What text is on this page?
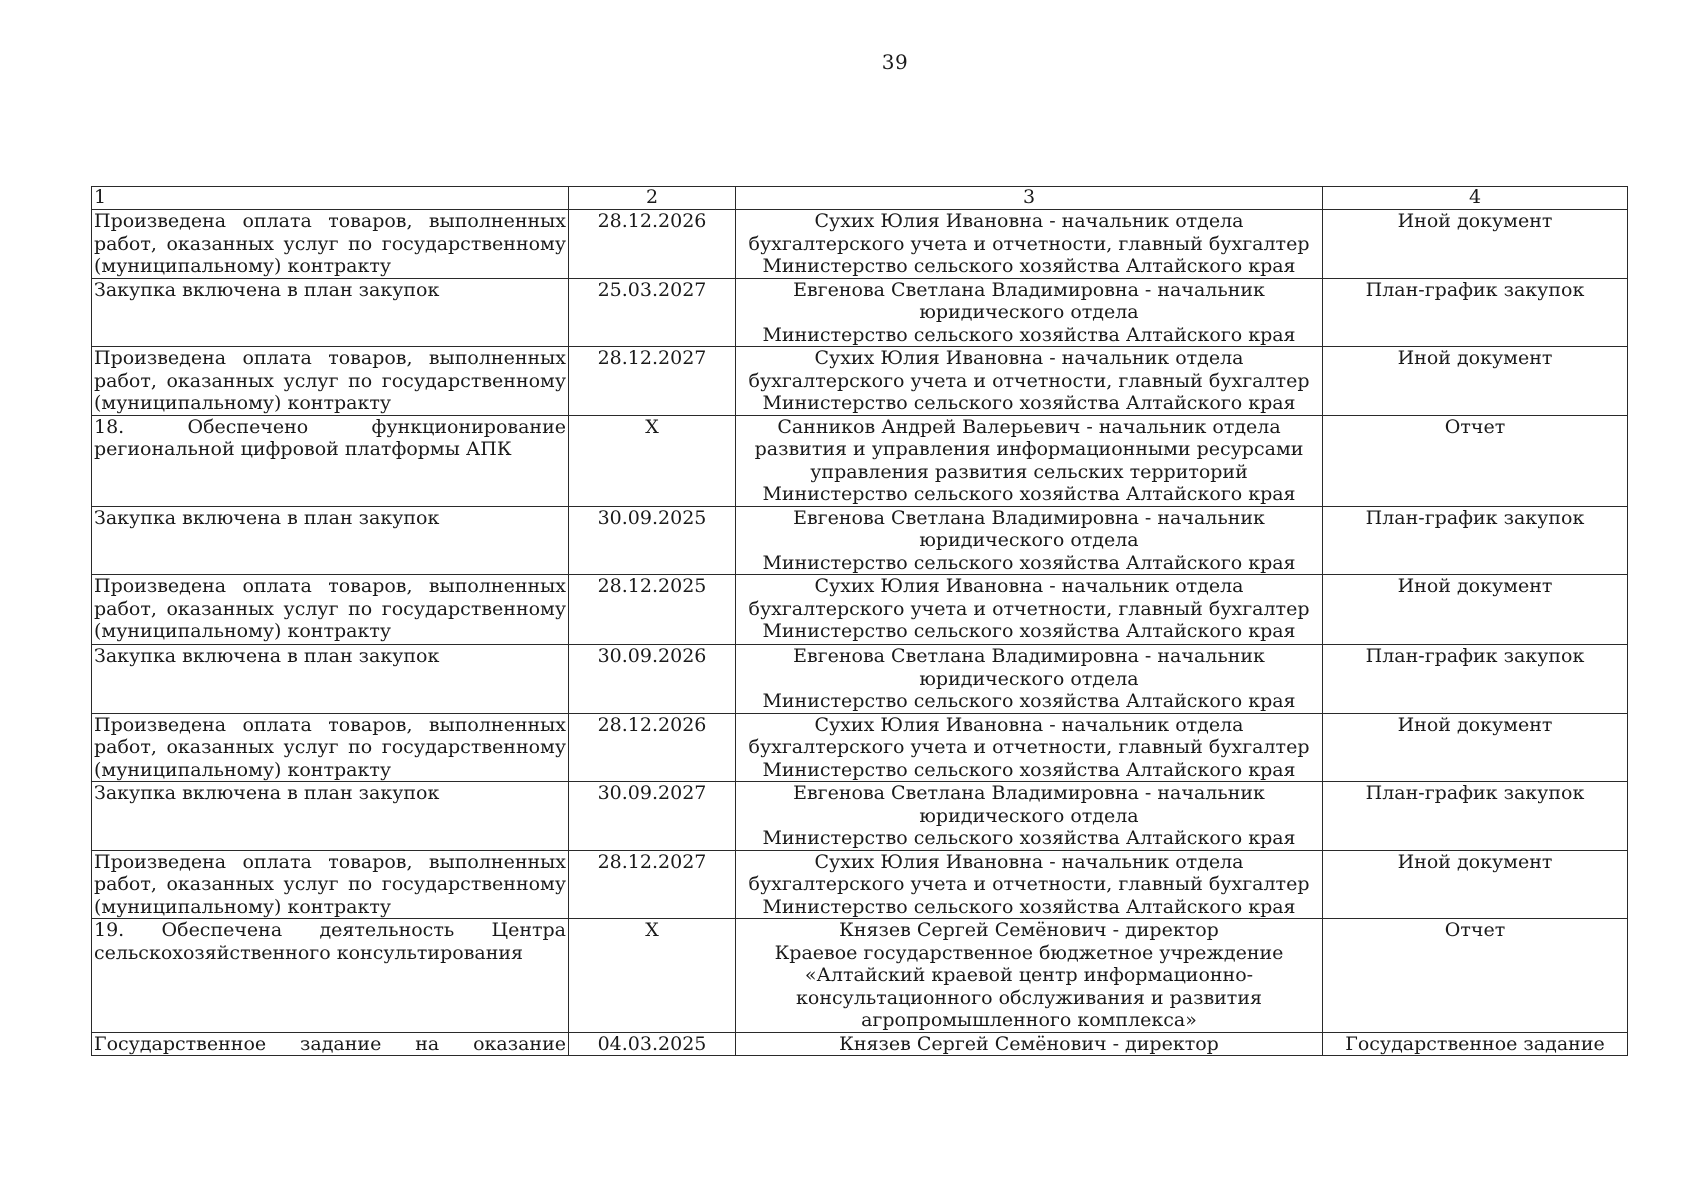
39
1	2	3	4
Произведена оплата товаров, выполненных работ, оказанных услуг по государственному (муниципальному) контракту	28.12.2026	Сухих Юлия Ивановна - начальник отдела
бухгалтерского учета и отчетности, главный бухгалтер
Министерство сельского хозяйства Алтайского края	Иной документ
Закупка включена в план закупок	25.03.2027	Евгенова Светлана Владимировна - начальник
юридического отдела
Министерство сельского хозяйства Алтайского края	План-график закупок
Произведена оплата товаров, выполненных работ, оказанных услуг по государственному (муниципальному) контракту	28.12.2027	Сухих Юлия Ивановна - начальник отдела
бухгалтерского учета и отчетности, главный бухгалтер
Министерство сельского хозяйства Алтайского края	Иной документ
18. Обеспечено функционирование региональной цифровой платформы АПК	X	Санников Андрей Валерьевич - начальник отдела
развития и управления информационными ресурсами
управления развития сельских территорий
Министерство сельского хозяйства Алтайского края	Отчет
Закупка включена в план закупок	30.09.2025	Евгенова Светлана Владимировна - начальник
юридического отдела
Министерство сельского хозяйства Алтайского края	План-график закупок
Произведена оплата товаров, выполненных работ, оказанных услуг по государственному (муниципальному) контракту	28.12.2025	Сухих Юлия Ивановна - начальник отдела
бухгалтерского учета и отчетности, главный бухгалтер
Министерство сельского хозяйства Алтайского края	Иной документ
Закупка включена в план закупок	30.09.2026	Евгенова Светлана Владимировна - начальник
юридического отдела
Министерство сельского хозяйства Алтайского края	План-график закупок
Произведена оплата товаров, выполненных работ, оказанных услуг по государственному (муниципальному) контракту	28.12.2026	Сухих Юлия Ивановна - начальник отдела
бухгалтерского учета и отчетности, главный бухгалтер
Министерство сельского хозяйства Алтайского края	Иной документ
Закупка включена в план закупок	30.09.2027	Евгенова Светлана Владимировна - начальник
юридического отдела
Министерство сельского хозяйства Алтайского края	План-график закупок
Произведена оплата товаров, выполненных работ, оказанных услуг по государственному (муниципальному) контракту	28.12.2027	Сухих Юлия Ивановна - начальник отдела
бухгалтерского учета и отчетности, главный бухгалтер
Министерство сельского хозяйства Алтайского края	Иной документ
19. Обеспечена деятельность Центра сельскохозяйственного консультирования	X	Князев Сергей Семёнович - директор
Краевое государственное бюджетное учреждение
«Алтайский краевой центр информационно-
консультационного обслуживания и развития
агропромышленного комплекса»	Отчет
Государственное задание на оказание	04.03.2025	Князев Сергей Семёнович - директор	Государственное задание
